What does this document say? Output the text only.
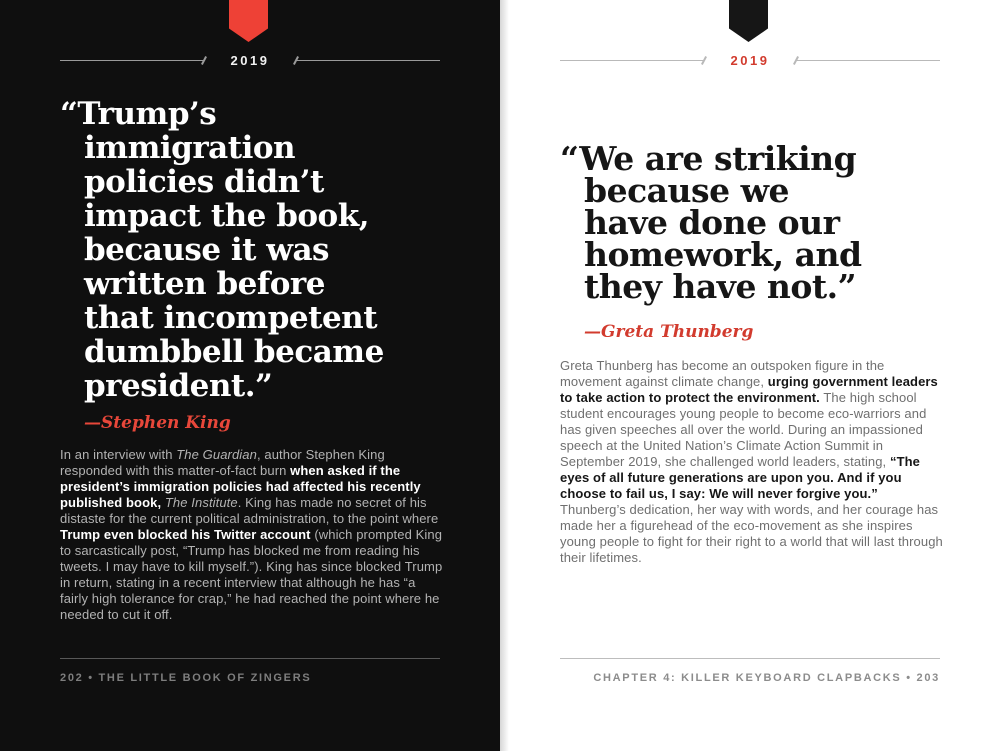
2019
“Trump’s
immigration
policies didn’t
impact the book,
because it was
written before
that incompetent
dumbbell became
president.”

—Stephen King

In an interview with The Guardian, author Stephen King responded with this matter-of-fact burn when asked if the president’s immigration policies had affected his recently published book, The Institute. King has made no secret of his distaste for the current political administration, to the point where Trump even blocked his Twitter account (which prompted King to sarcastically post, “Trump has blocked me from reading his tweets. I may have to kill myself.”). King has since blocked Trump in return, stating in a recent interview that although he has “a fairly high tolerance for crap,” he had reached the point where he needed to cut it off.

202 • THE LITTLE BOOK OF ZINGERS
2019
“We are striking
because we
have done our
homework, and
they have not.”

—Greta Thunberg

Greta Thunberg has become an outspoken figure in the movement against climate change, urging government leaders to take action to protect the environment. The high school student encourages young people to become eco-warriors and has given speeches all over the world. During an impassioned speech at the United Nation’s Climate Action Summit in September 2019, she challenged world leaders, stating, “The eyes of all future generations are upon you. And if you choose to fail us, I say: We will never forgive you.” Thunberg’s dedication, her way with words, and her courage has made her a figurehead of the eco-movement as she inspires young people to fight for their right to a world that will last through their lifetimes.

CHAPTER 4: KILLER KEYBOARD CLAPBACKS • 203
